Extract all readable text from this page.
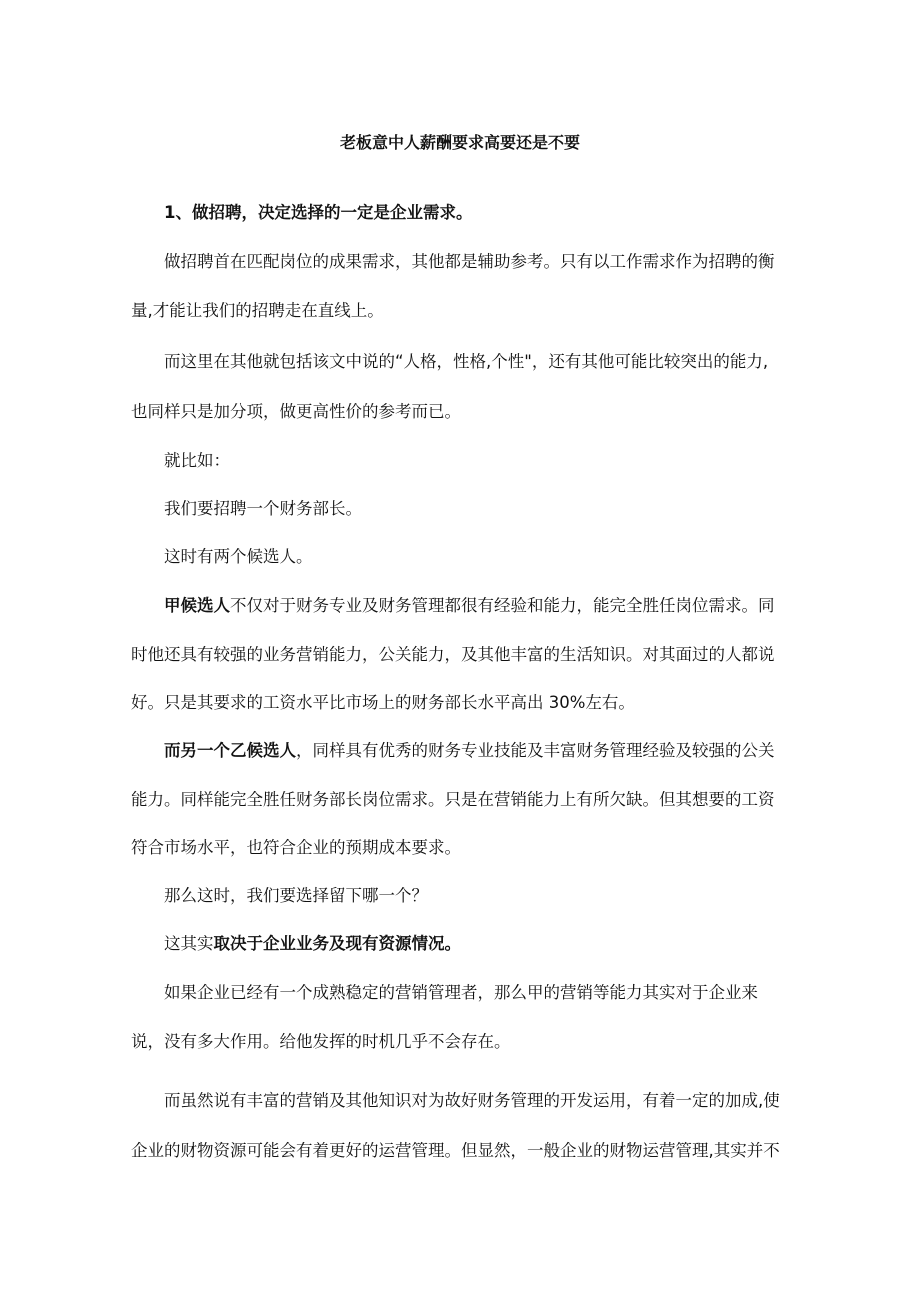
老板意中人薪酬要求高要还是不要

1、做招聘，决定选择的一定是企业需求。

做招聘首在匹配岗位的成果需求，其他都是辅助参考。只有以工作需求作为招聘的衡

量,才能让我们的招聘走在直线上。

而这里在其他就包括该文中说的“人格，性格,个性"，还有其他可能比较突出的能力,

也同样只是加分项，做更高性价的参考而已。

就比如：

我们要招聘一个财务部长。

这时有两个候选人。

甲候选人不仅对于财务专业及财务管理都很有经验和能力，能完全胜任岗位需求。同

时他还具有较强的业务营销能力，公关能力，及其他丰富的生活知识。对其面过的人都说

好。只是其要求的工资水平比市场上的财务部长水平高出 30%左右。

而另一个乙候选人，同样具有优秀的财务专业技能及丰富财务管理经验及较强的公关

能力。同样能完全胜任财务部长岗位需求。只是在营销能力上有所欠缺。但其想要的工资

符合市场水平，也符合企业的预期成本要求。

那么这时，我们要选择留下哪一个？

这其实取决于企业业务及现有资源情况。

如果企业已经有一个成熟稳定的营销管理者，那么甲的营销等能力其实对于企业来

说，没有多大作用。给他发挥的时机几乎不会存在。

而虽然说有丰富的营销及其他知识对为故好财务管理的开发运用，有着一定的加成,使

企业的财物资源可能会有着更好的运营管理。但显然，一般企业的财物运营管理,其实并不
